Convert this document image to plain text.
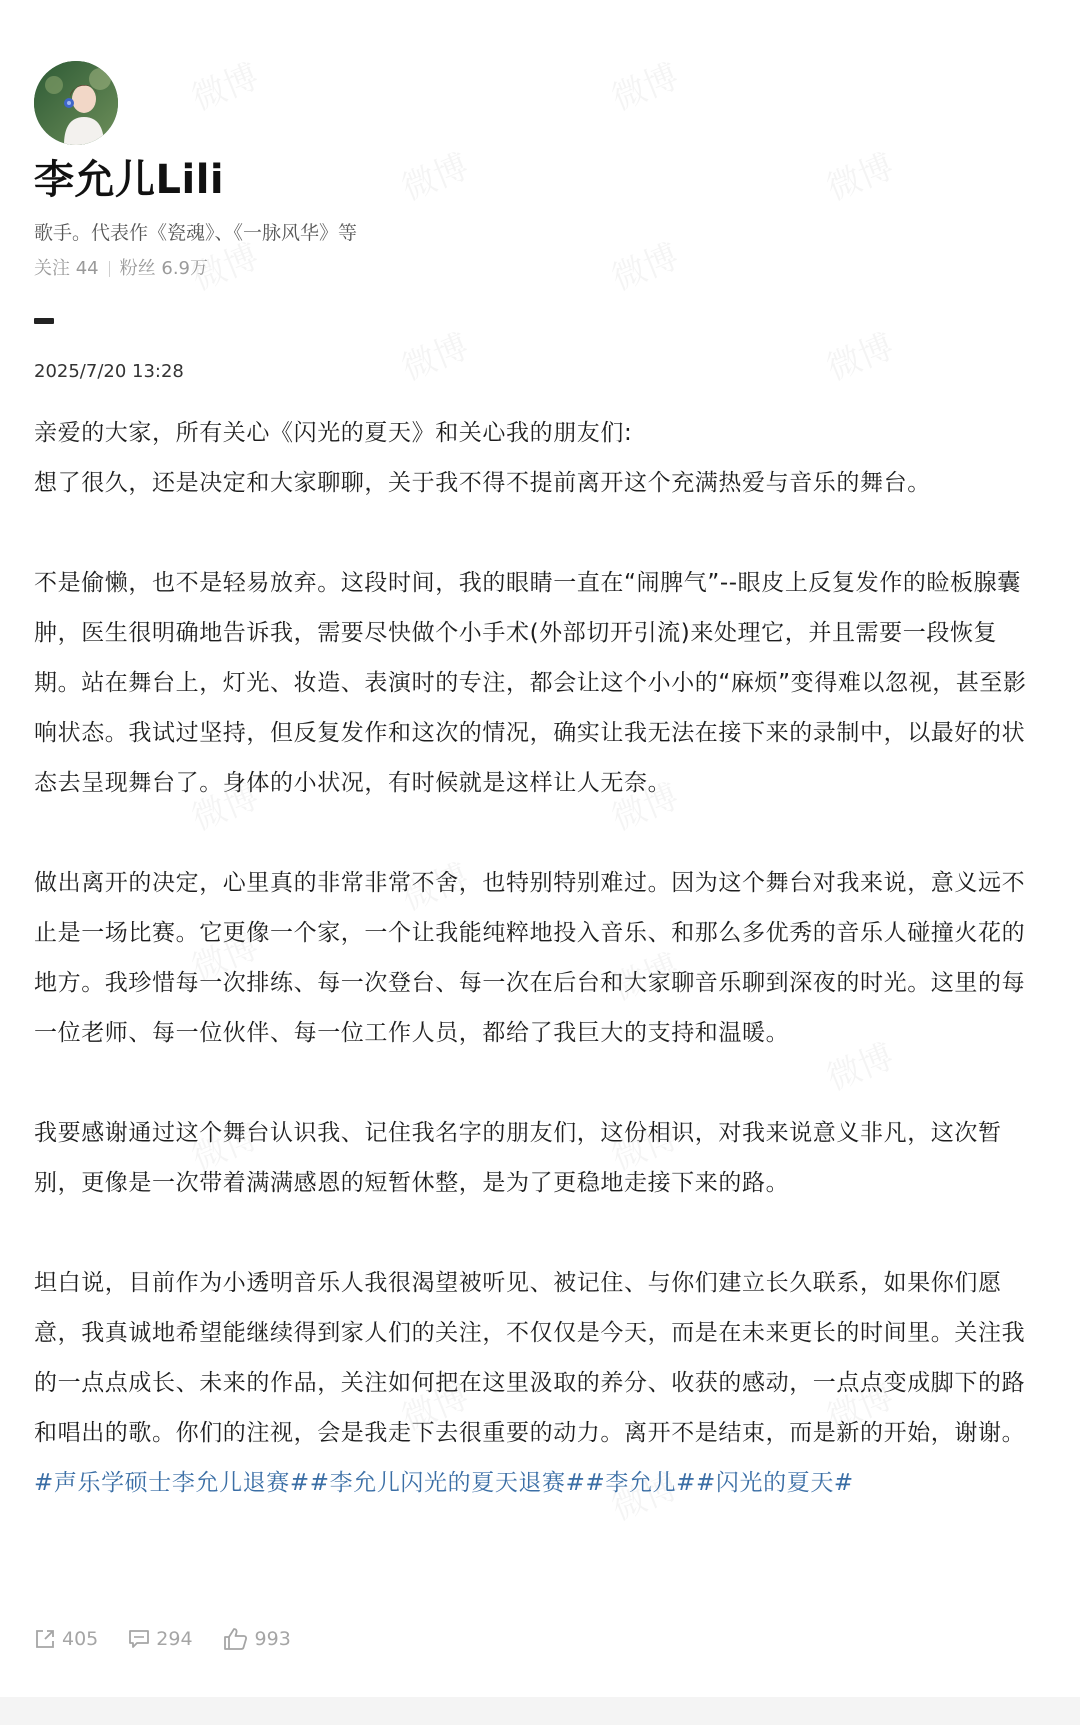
李允儿Lili
歌手。代表作《瓷魂》、《一脉风华》等
关注 44 粉丝 6.9万
2025/7/20 13:28

亲爱的大家，所有关心《闪光的夏天》和关心我的朋友们:
想了很久，还是决定和大家聊聊，关于我不得不提前离开这个充满热爱与音乐的舞台。

不是偷懒，也不是轻易放弃。这段时间，我的眼睛一直在“闹脾气”--眼皮上反复发作的睑板腺囊肿，医生很明确地告诉我，需要尽快做个小手术(外部切开引流)来处理它，并且需要一段恢复期。站在舞台上，灯光、妆造、表演时的专注，都会让这个小小的“麻烦”变得难以忽视，甚至影响状态。我试过坚持，但反复发作和这次的情况，确实让我无法在接下来的录制中，以最好的状态去呈现舞台了。身体的小状况，有时候就是这样让人无奈。

做出离开的决定，心里真的非常非常不舍，也特别特别难过。因为这个舞台对我来说，意义远不止是一场比赛。它更像一个家，一个让我能纯粹地投入音乐、和那么多优秀的音乐人碰撞火花的地方。我珍惜每一次排练、每一次登台、每一次在后台和大家聊音乐聊到深夜的时光。这里的每一位老师、每一位伙伴、每一位工作人员，都给了我巨大的支持和温暖。

我要感谢通过这个舞台认识我、记住我名字的朋友们，这份相识，对我来说意义非凡，这次暂别，更像是一次带着满满感恩的短暂休整，是为了更稳地走接下来的路。

坦白说，目前作为小透明音乐人我很渴望被听见、被记住、与你们建立长久联系，如果你们愿意，我真诚地希望能继续得到家人们的关注，不仅仅是今天，而是在未来更长的时间里。关注我的一点点成长、未来的作品，关注如何把在这里汲取的养分、收获的感动，一点点变成脚下的路和唱出的歌。你们的注视，会是我走下去很重要的动力。离开不是结束，而是新的开始，谢谢。#声乐学硕士李允儿退赛##李允儿闪光的夏天退赛##李允儿##闪光的夏天#

405	294	993
